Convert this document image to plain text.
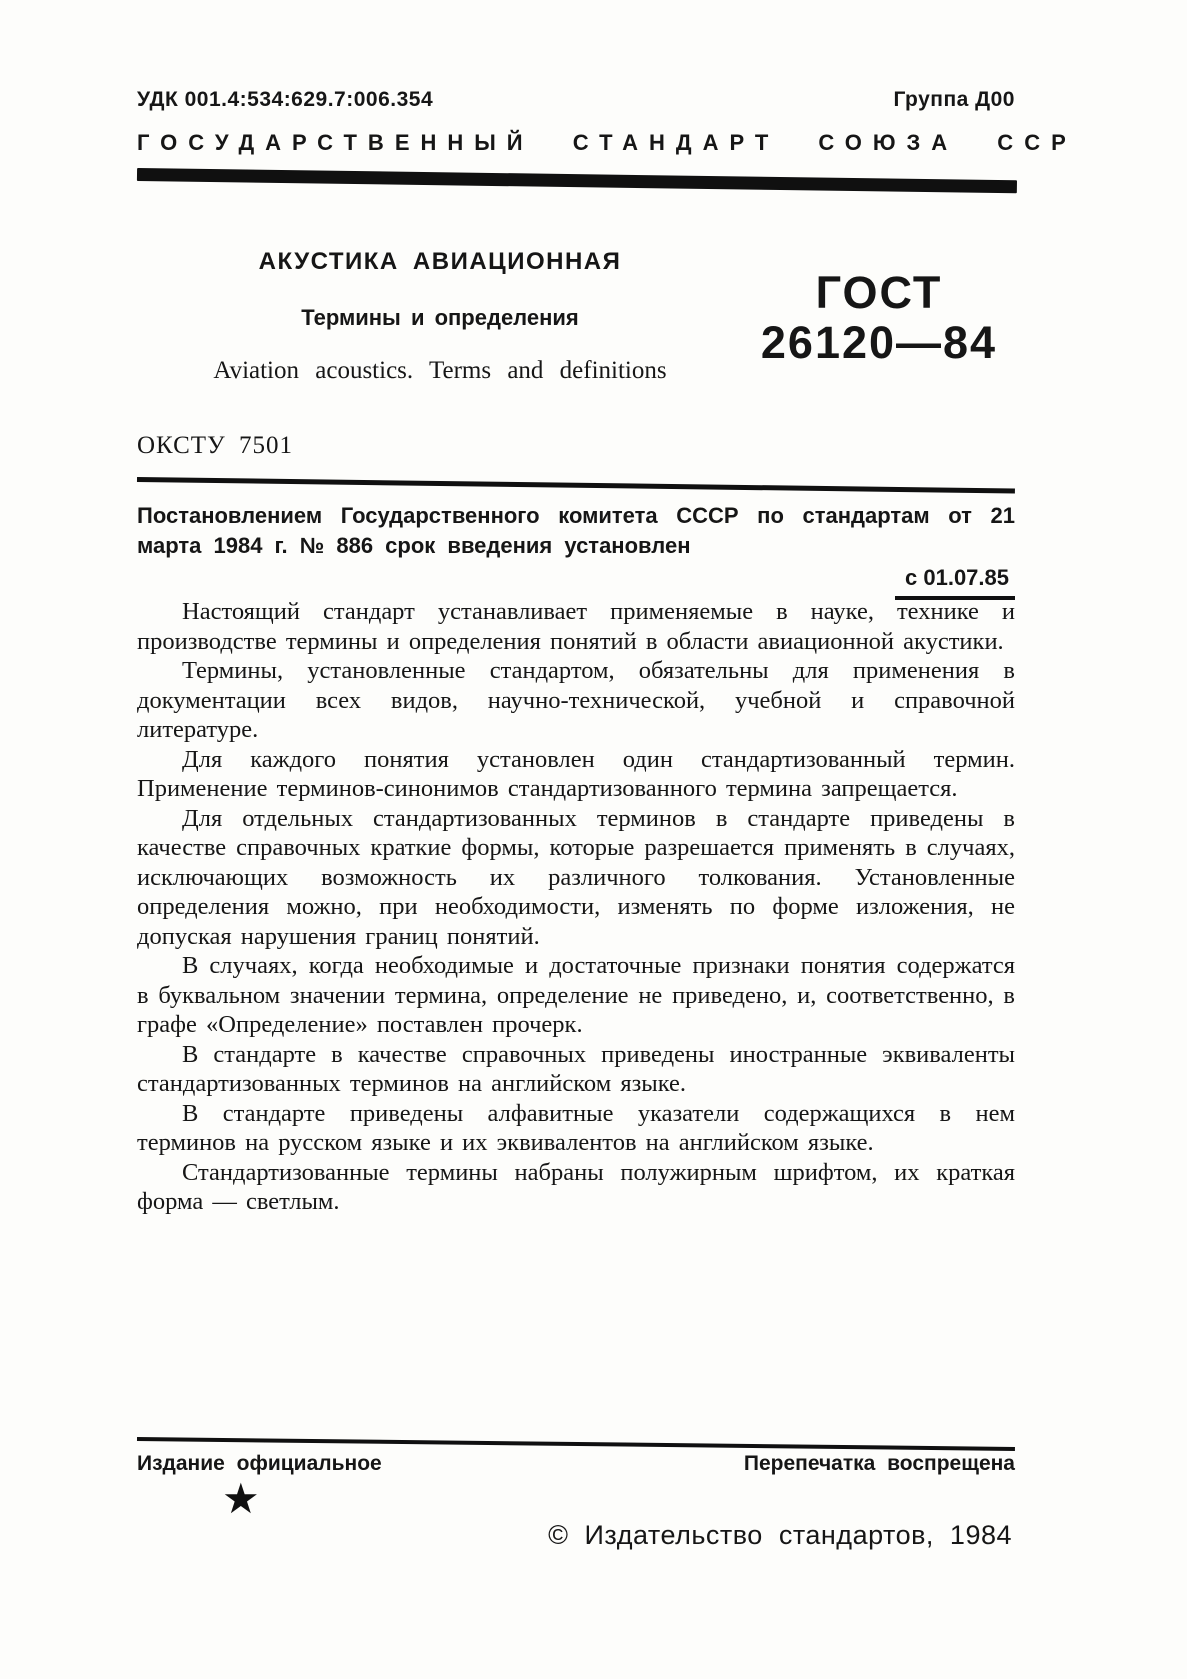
УДК 001.4:534:629.7:006.354	Группа Д00
ГОСУДАРСТВЕННЫЙ СТАНДАРТ СОЮЗА ССР
АКУСТИКА АВИАЦИОННАЯ
Термины и определения
Aviation acoustics. Terms and definitions
ГОСТ
26120—84
ОКСТУ 7501
Постановлением Государственного комитета СССР по стандартам от 21 марта 1984 г. № 886 срок введения установлен
с 01.07.85

Настоящий стандарт устанавливает применяемые в науке, технике и производстве термины и определения понятий в области авиационной акустики.

Термины, установленные стандартом, обязательны для применения в документации всех видов, научно-технической, учебной и справочной литературе.

Для каждого понятия установлен один стандартизованный термин. Применение терминов-синонимов стандартизованного термина запрещается.

Для отдельных стандартизованных терминов в стандарте приведены в качестве справочных краткие формы, которые разрешается применять в случаях, исключающих возможность их различного толкования. Установленные определения можно, при необходимости, изменять по форме изложения, не допуская нарушения границ понятий.

В случаях, когда необходимые и достаточные признаки понятия содержатся в буквальном значении термина, определение не приведено, и, соответственно, в графе «Определение» поставлен прочерк.

В стандарте в качестве справочных приведены иностранные эквиваленты стандартизованных терминов на английском языке.

В стандарте приведены алфавитные указатели содержащихся в нем терминов на русском языке и их эквивалентов на английском языке.

Стандартизованные термины набраны полужирным шрифтом, их краткая форма — светлым.

Издание официальное	Перепечатка воспрещена
★
© Издательство стандартов, 1984
